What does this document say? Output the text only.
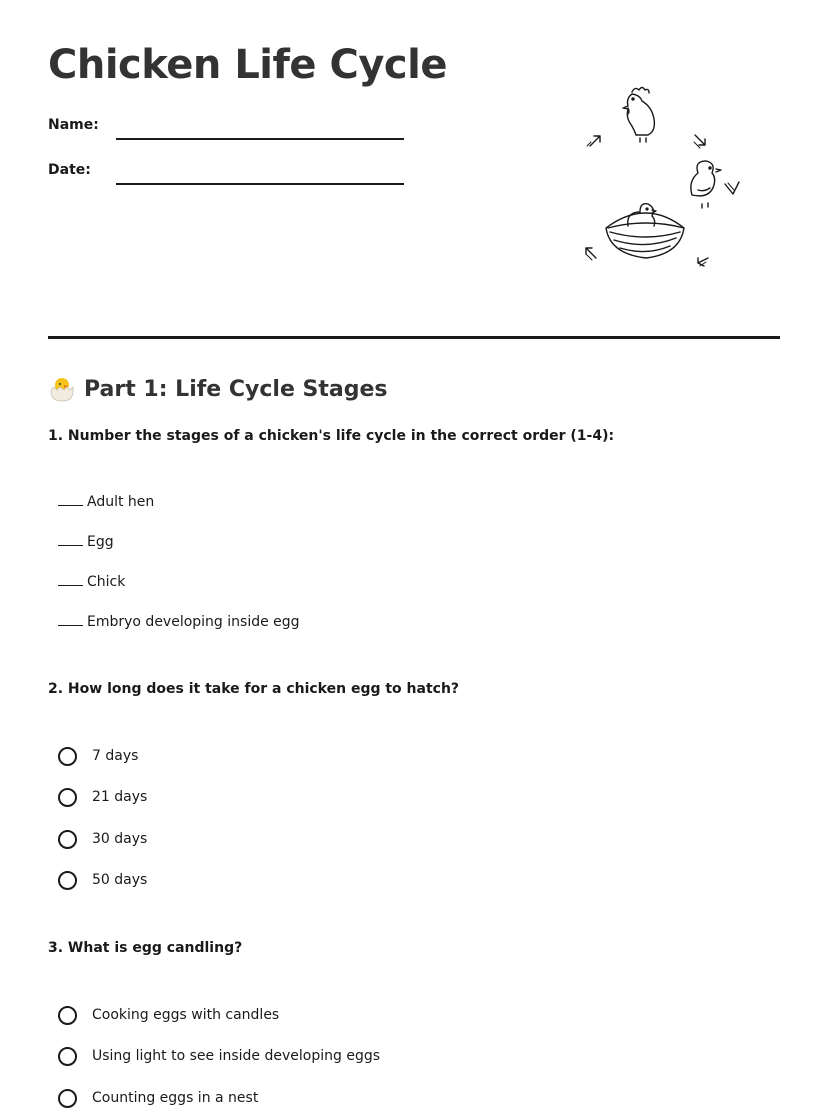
Chicken Life Cycle
Name:
Date:
Part 1: Life Cycle Stages
1. Number the stages of a chicken's life cycle in the correct order (1-4):
Adult hen
Egg
Chick
Embryo developing inside egg
2. How long does it take for a chicken egg to hatch?
7 days
21 days
30 days
50 days
3. What is egg candling?
Cooking eggs with candles
Using light to see inside developing eggs
Counting eggs in a nest
